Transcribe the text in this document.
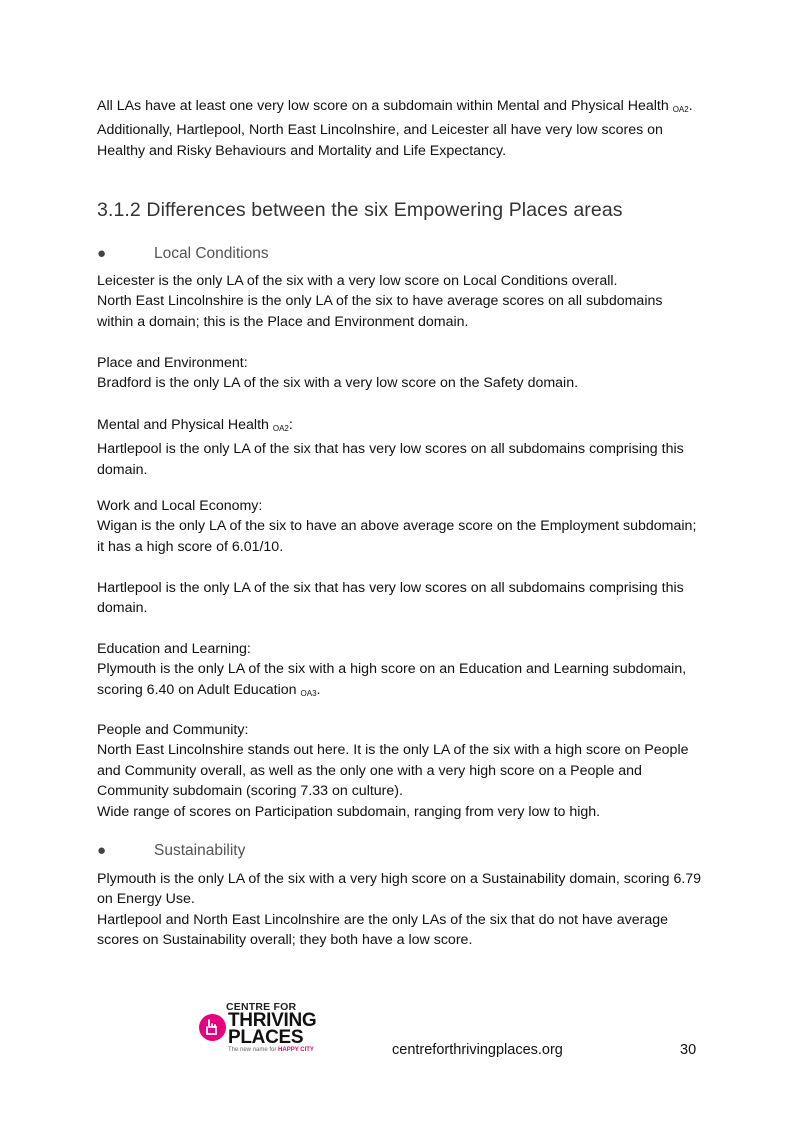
All LAs have at least one very low score on a subdomain within Mental and Physical Health $_{OA2}$.
Additionally, Hartlepool, North East Lincolnshire, and Leicester all have very low scores on
Healthy and Risky Behaviours and Mortality and Life Expectancy.

3.1.2 Differences between the six Empowering Places areas
●	Local Conditions

Leicester is the only LA of the six with a very low score on Local Conditions overall.
North East Lincolnshire is the only LA of the six to have average scores on all subdomains
within a domain; this is the Place and Environment domain.

Place and Environment:
Bradford is the only LA of the six with a very low score on the Safety domain.

Mental and Physical Health $_{OA2}$:
Hartlepool is the only LA of the six that has very low scores on all subdomains comprising this
domain.

Work and Local Economy:
Wigan is the only LA of the six to have an above average score on the Employment subdomain;
it has a high score of 6.01/10.

Hartlepool is the only LA of the six that has very low scores on all subdomains comprising this
domain.

Education and Learning:
Plymouth is the only LA of the six with a high score on an Education and Learning subdomain,
scoring 6.40 on Adult Education $_{OA3}$.

People and Community:
North East Lincolnshire stands out here. It is the only LA of the six with a high score on People
and Community overall, as well as the only one with a very high score on a People and
Community subdomain (scoring 7.33 on culture).
Wide range of scores on Participation subdomain, ranging from very low to high.

●	Sustainability

Plymouth is the only LA of the six with a very high score on a Sustainability domain, scoring 6.79
on Energy Use.
Hartlepool and North East Lincolnshire are the only LAs of the six that do not have average
scores on Sustainability overall; they both have a low score.

CENTRE FOR
THRIVING
PLACES
The new name for HAPPY CITY	centreforthrivingplaces.org	30
